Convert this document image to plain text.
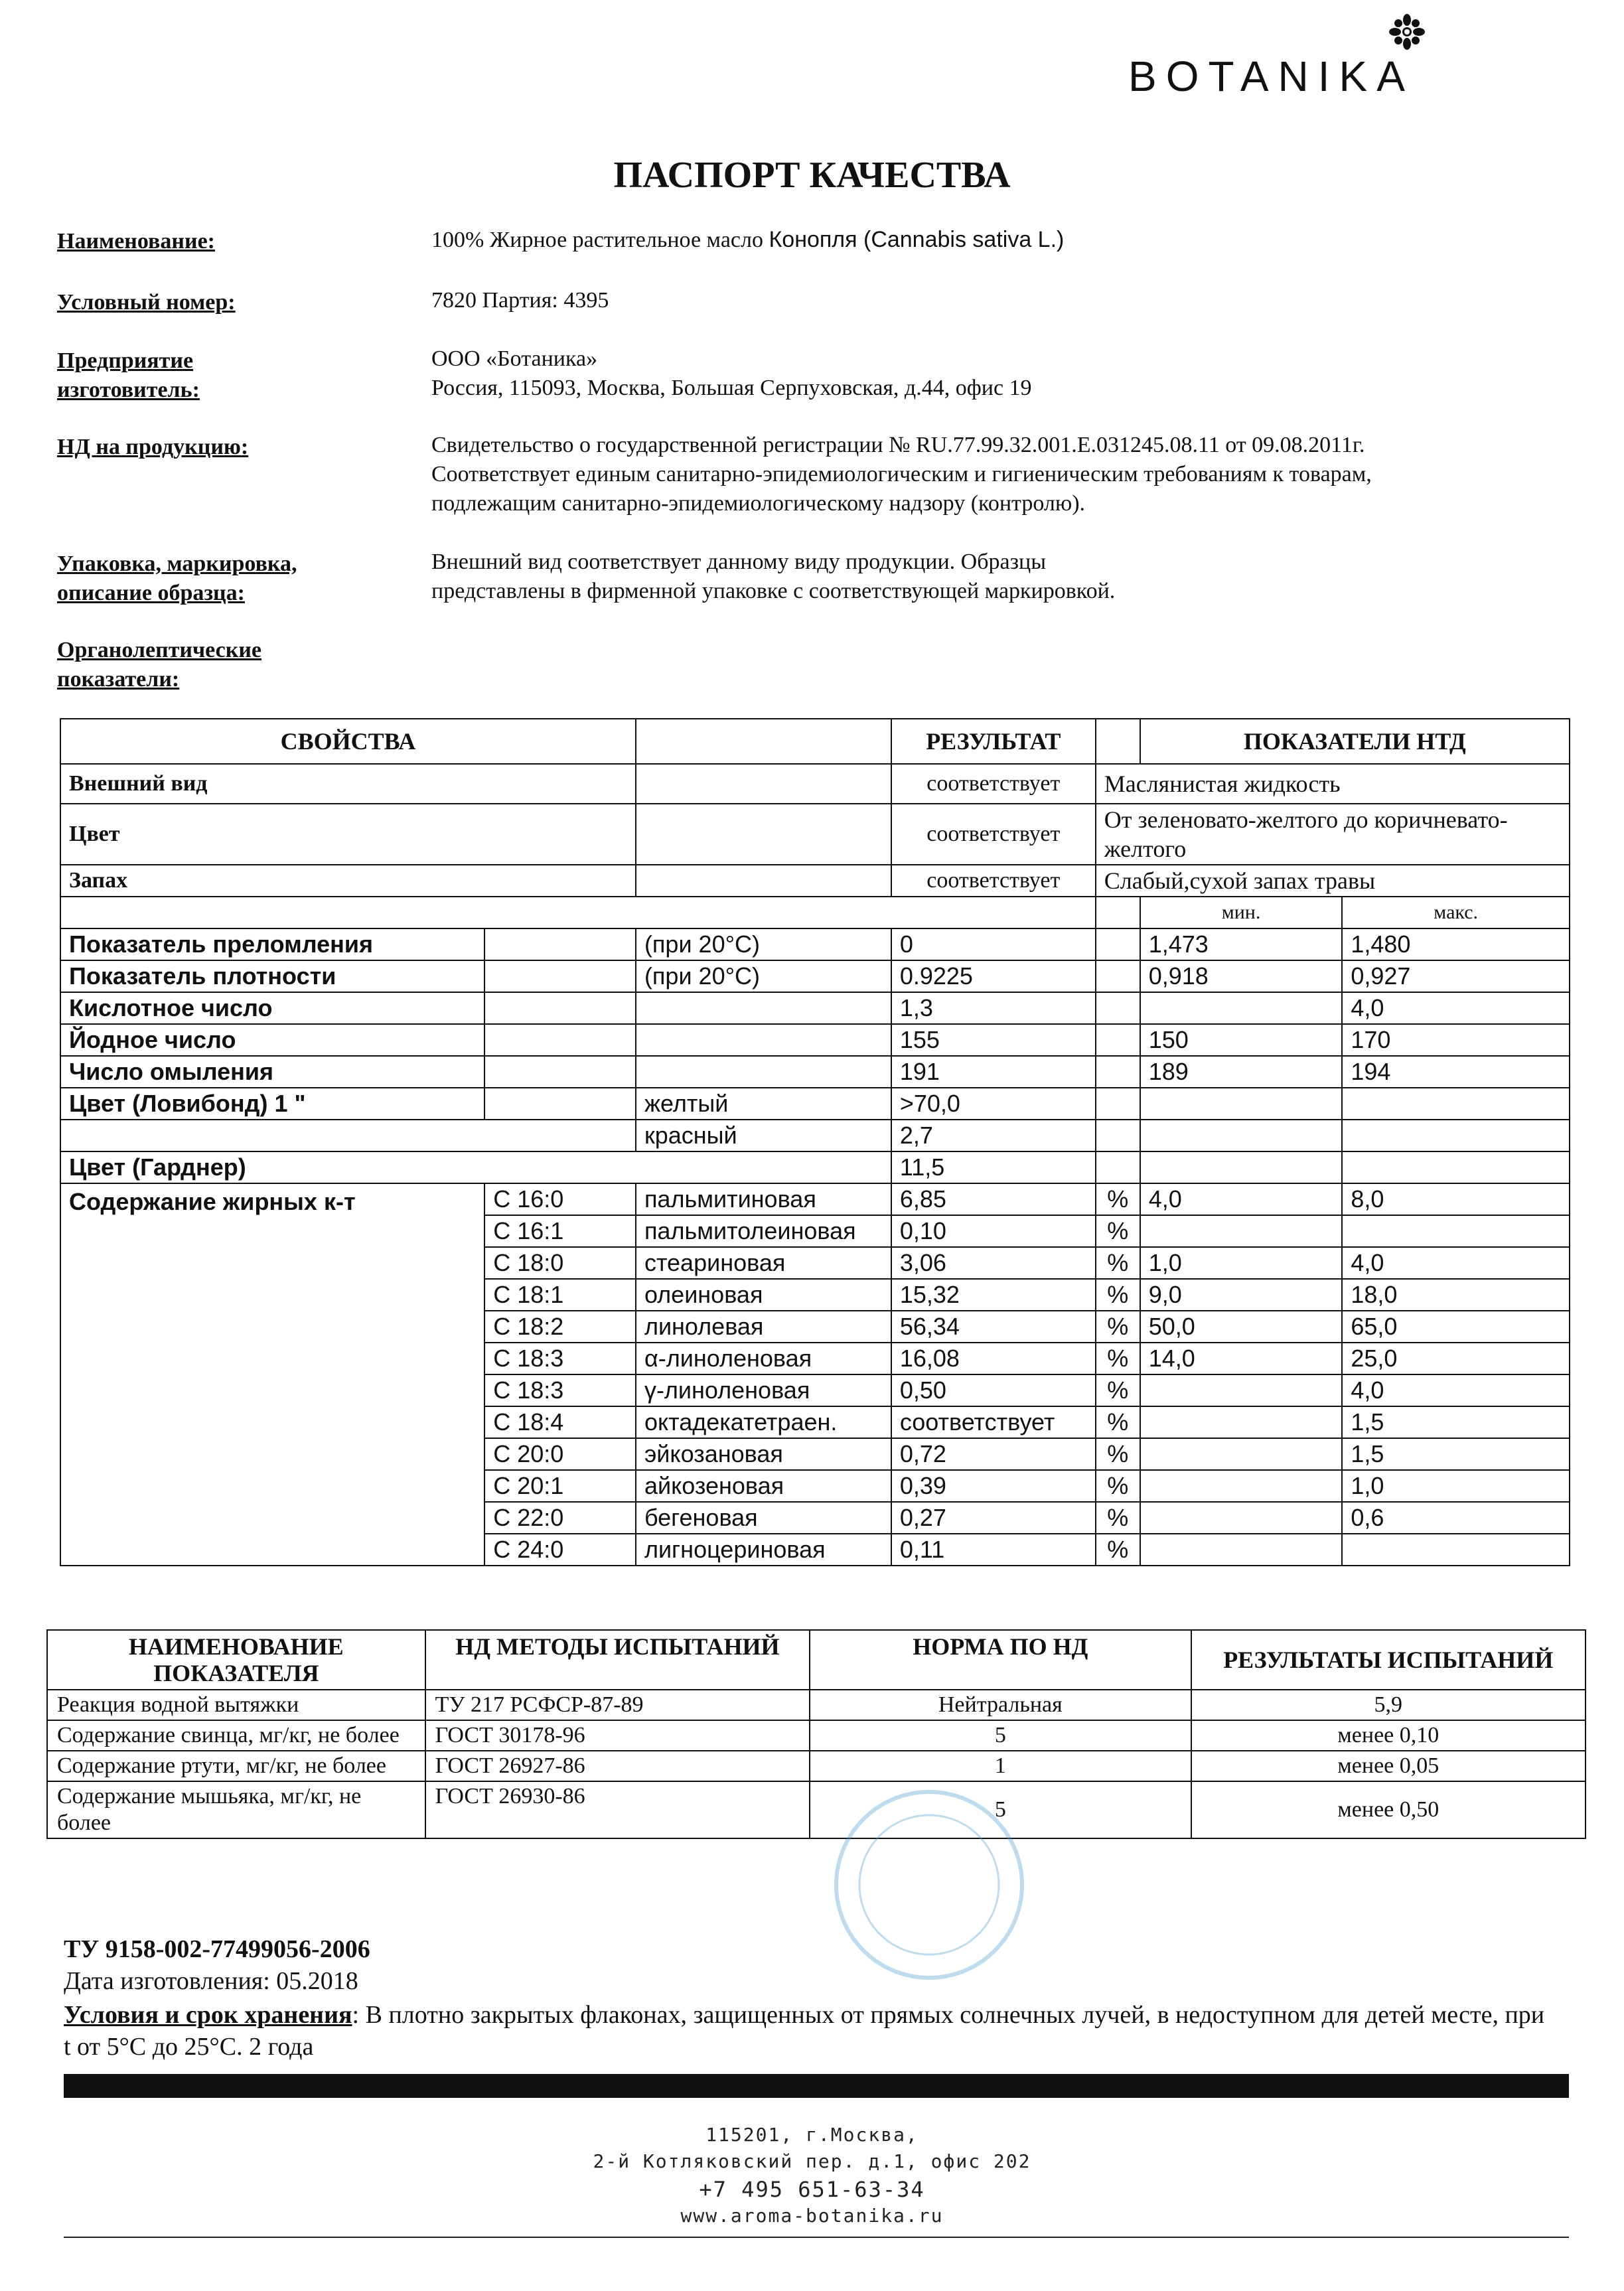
BOTANIKA
ПАСПОРТ КАЧЕСТВА
Наименование:	100% Жирное растительное масло Конопля (Cannabis sativa L.)
Условный номер:	7820 Партия: 4395
Предприятие
изготовитель:
ООО «Ботаника»
Россия, 115093, Москва, Большая Серпуховская, д.44, офис 19
НД на продукцию:	Свидетельство о государственной регистрации № RU.77.99.32.001.Е.031245.08.11 от 09.08.2011г.
Соответствует единым санитарно-эпидемиологическим и гигиеническим требованиям к товарам,
подлежащим санитарно-эпидемиологическому надзору (контролю).
Упаковка, маркировка,
описание образца:
Внешний вид соответствует данному виду продукции. Образцы
представлены в фирменной упаковке с соответствующей маркировкой.
Органолептические
показатели:
СВОЙСТВА			РЕЗУЛЬТАТ		ПОКАЗАТЕЛИ НТД	
Внешний вид			соответствует	Маслянистая жидкость		
Цвет			соответствует	От зеленовато-желтого до коричневато-желтого		
Запах			соответствует	Слабый,сухой запах травы		
					мин.	макс.
Показатель преломления		(при 20°C)	0		1,473	1,480
Показатель плотности		(при 20°C)	0.9225		0,918	0,927
Кислотное число			1,3			4,0
Йодное число			155		150	170
Число омыления			191		189	194
Цвет (Ловибонд) 1 "		желтый	>70,0			
		красный	2,7			
Цвет (Гарднер)			11,5			
Содержание жирных к-т	С 16:0	пальмитиновая	6,85	%	4,0	8,0
	С 16:1	пальмитолеиновая	0,10	%		
	С 18:0	стеариновая	3,06	%	1,0	4,0
	С 18:1	олеиновая	15,32	%	9,0	18,0
	С 18:2	линолевая	56,34	%	50,0	65,0
	С 18:3	α-линоленовая	16,08	%	14,0	25,0
	С 18:3	γ-линоленовая	0,50	%		4,0
	С 18:4	октадекатетраен.	соответствует	%		1,5
	С 20:0	эйкозановая	0,72	%		1,5
	С 20:1	айкозеновая	0,39	%		1,0
	С 22:0	бегеновая	0,27	%		0,6
	С 24:0	лигноцериновая	0,11	%		
НАИМЕНОВАНИЕ ПОКАЗАТЕЛЯ	НД МЕТОДЫ ИСПЫТАНИЙ	НОРМА ПО НД	РЕЗУЛЬТАТЫ ИСПЫТАНИЙ
Реакция водной вытяжки	ТУ 217 РСФСР-87-89	Нейтральная	5,9
Содержание свинца, мг/кг, не более	ГОСТ 30178-96	5	менее 0,10
Содержание ртути, мг/кг, не более	ГОСТ 26927-86	1	менее 0,05
Содержание мышьяка, мг/кг, не более	ГОСТ 26930-86	5	менее 0,50
ТУ 9158-002-77499056-2006
Дата изготовления: 05.2018
Условия и срок хранения: В плотно закрытых флаконах, защищенных от прямых солнечных лучей, в недоступном для детей месте, при t от 5°С до 25°С. 2 года
115201, г.Москва,
2-й Котляковский пер. д.1, офис 202
+7 495 651-63-34
www.aroma-botanika.ru
